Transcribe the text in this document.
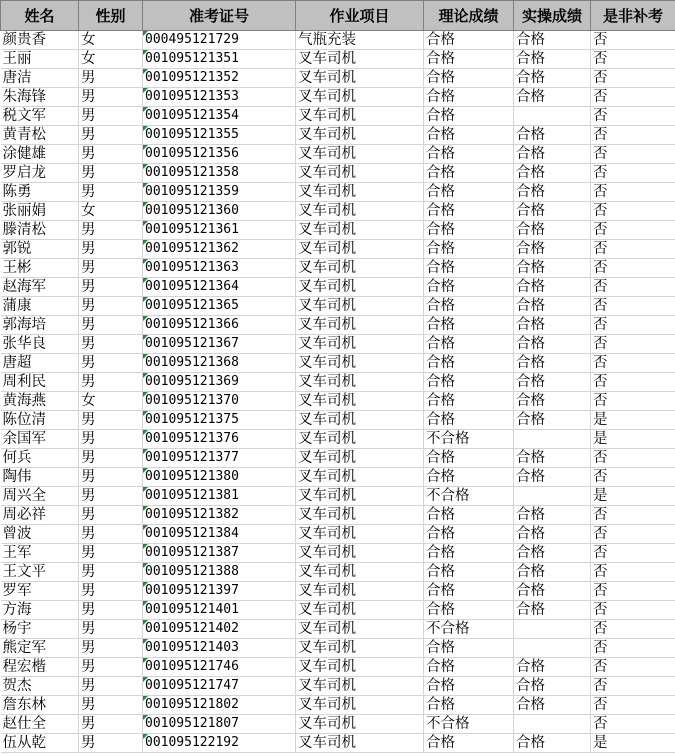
姓名	性别	准考证号	作业项目	理论成绩	实操成绩	是非补考
颜贵香	女	000495121729	气瓶充装	合格	合格	否
王丽	女	001095121351	叉车司机	合格	合格	否
唐洁	男	001095121352	叉车司机	合格	合格	否
朱海锋	男	001095121353	叉车司机	合格	合格	否
税文军	男	001095121354	叉车司机	合格		否
黄青松	男	001095121355	叉车司机	合格	合格	否
涂健雄	男	001095121356	叉车司机	合格	合格	否
罗启龙	男	001095121358	叉车司机	合格	合格	否
陈勇	男	001095121359	叉车司机	合格	合格	否
张丽娟	女	001095121360	叉车司机	合格	合格	否
滕清松	男	001095121361	叉车司机	合格	合格	否
郭锐	男	001095121362	叉车司机	合格	合格	否
王彬	男	001095121363	叉车司机	合格	合格	否
赵海军	男	001095121364	叉车司机	合格	合格	否
蒲康	男	001095121365	叉车司机	合格	合格	否
郭海培	男	001095121366	叉车司机	合格	合格	否
张华良	男	001095121367	叉车司机	合格	合格	否
唐超	男	001095121368	叉车司机	合格	合格	否
周利民	男	001095121369	叉车司机	合格	合格	否
黄海燕	女	001095121370	叉车司机	合格	合格	否
陈位清	男	001095121375	叉车司机	合格	合格	是
余国军	男	001095121376	叉车司机	不合格		是
何兵	男	001095121377	叉车司机	合格	合格	否
陶伟	男	001095121380	叉车司机	合格	合格	否
周兴全	男	001095121381	叉车司机	不合格		是
周必祥	男	001095121382	叉车司机	合格	合格	否
曾波	男	001095121384	叉车司机	合格	合格	否
王军	男	001095121387	叉车司机	合格	合格	否
王文平	男	001095121388	叉车司机	合格	合格	否
罗军	男	001095121397	叉车司机	合格	合格	否
方海	男	001095121401	叉车司机	合格	合格	否
杨宇	男	001095121402	叉车司机	不合格		否
熊定军	男	001095121403	叉车司机	合格		否
程宏楷	男	001095121746	叉车司机	合格	合格	否
贺杰	男	001095121747	叉车司机	合格	合格	否
詹东林	男	001095121802	叉车司机	合格	合格	否
赵仕全	男	001095121807	叉车司机	不合格		否
伍从乾	男	001095122192	叉车司机	合格	合格	是
